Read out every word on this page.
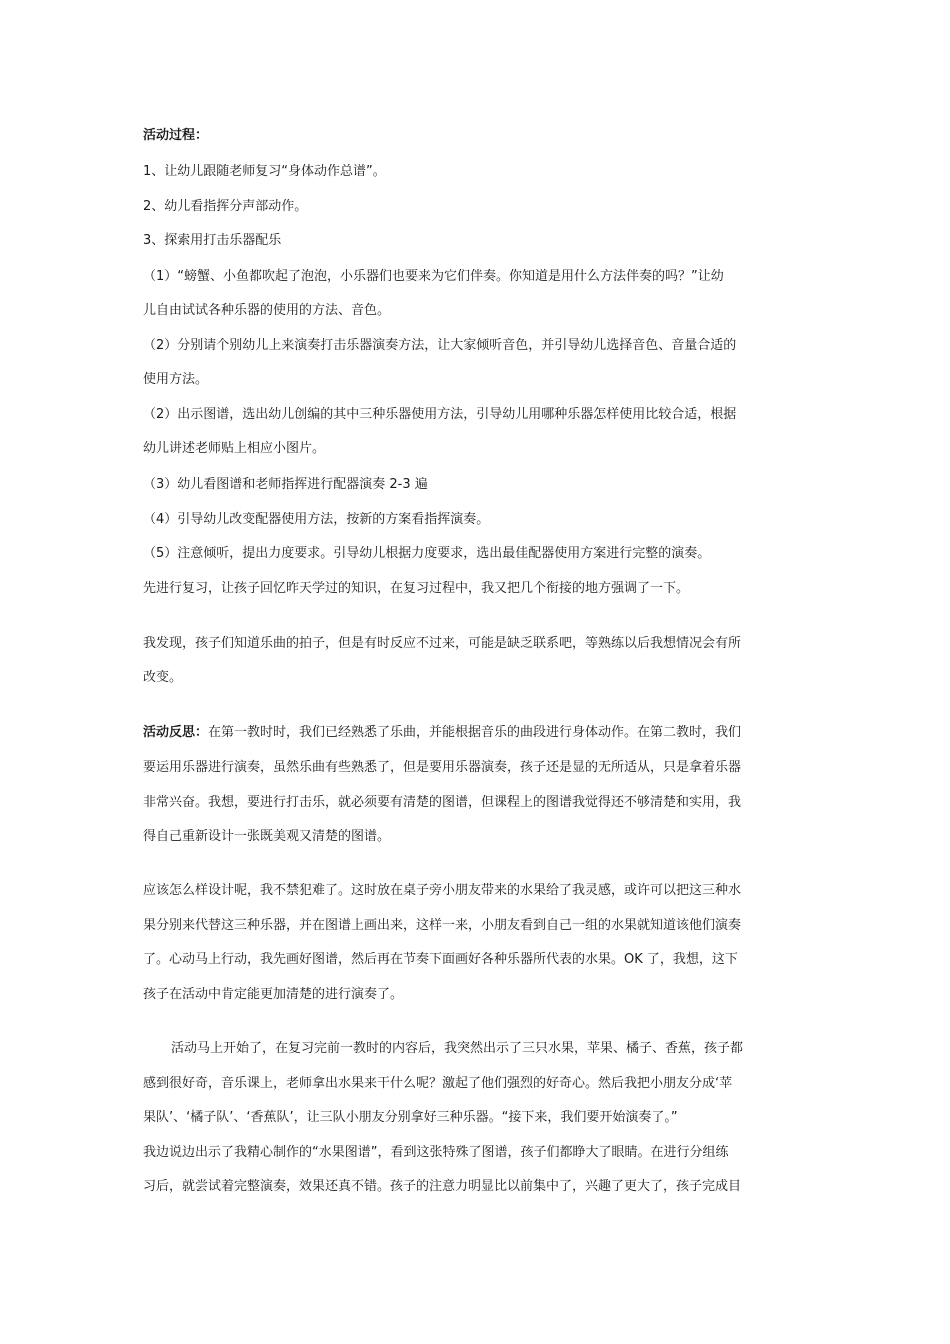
活动过程：
1、让幼儿跟随老师复习“身体动作总谱”。
2、幼儿看指挥分声部动作。
3、探索用打击乐器配乐
（1）“螃蟹、小鱼都吹起了泡泡，小乐器们也要来为它们伴奏。你知道是用什么方法伴奏的吗？”让幼
儿自由试试各种乐器的使用的方法、音色。
（2）分别请个别幼儿上来演奏打击乐器演奏方法，让大家倾听音色，并引导幼儿选择音色、音量合适的
使用方法。
（2）出示图谱，选出幼儿创编的其中三种乐器使用方法，引导幼儿用哪种乐器怎样使用比较合适，根据
幼儿讲述老师贴上相应小图片。
（3）幼儿看图谱和老师指挥进行配器演奏 2-3 遍
（4）引导幼儿改变配器使用方法，按新的方案看指挥演奏。
（5）注意倾听，提出力度要求。引导幼儿根据力度要求，选出最佳配器使用方案进行完整的演奏。
先进行复习，让孩子回忆昨天学过的知识，在复习过程中，我又把几个衔接的地方强调了一下。
我发现，孩子们知道乐曲的拍子，但是有时反应不过来，可能是缺乏联系吧，等熟练以后我想情况会有所
改变。
活动反思：在第一教时时，我们已经熟悉了乐曲，并能根据音乐的曲段进行身体动作。在第二教时，我们
要运用乐器进行演奏，虽然乐曲有些熟悉了，但是要用乐器演奏，孩子还是显的无所适从，只是拿着乐器
非常兴奋。我想，要进行打击乐，就必须要有清楚的图谱，但课程上的图谱我觉得还不够清楚和实用，我
得自己重新设计一张既美观又清楚的图谱。
应该怎么样设计呢，我不禁犯难了。这时放在桌子旁小朋友带来的水果给了我灵感，或许可以把这三种水
果分别来代替这三种乐器，并在图谱上画出来，这样一来，小朋友看到自己一组的水果就知道该他们演奏
了。心动马上行动，我先画好图谱，然后再在节奏下面画好各种乐器所代表的水果。OK 了，我想，这下
孩子在活动中肯定能更加清楚的进行演奏了。
活动马上开始了，在复习完前一教时的内容后，我突然出示了三只水果，苹果、橘子、香蕉，孩子都
感到很好奇，音乐课上，老师拿出水果来干什么呢？激起了他们强烈的好奇心。然后我把小朋友分成‘苹
果队’、‘橘子队’、‘香蕉队’，让三队小朋友分别拿好三种乐器。“接下来，我们要开始演奏了。”
我边说边出示了我精心制作的“水果图谱”，看到这张特殊了图谱，孩子们都睁大了眼睛。在进行分组练
习后，就尝试着完整演奏，效果还真不错。孩子的注意力明显比以前集中了，兴趣了更大了，孩子完成目
